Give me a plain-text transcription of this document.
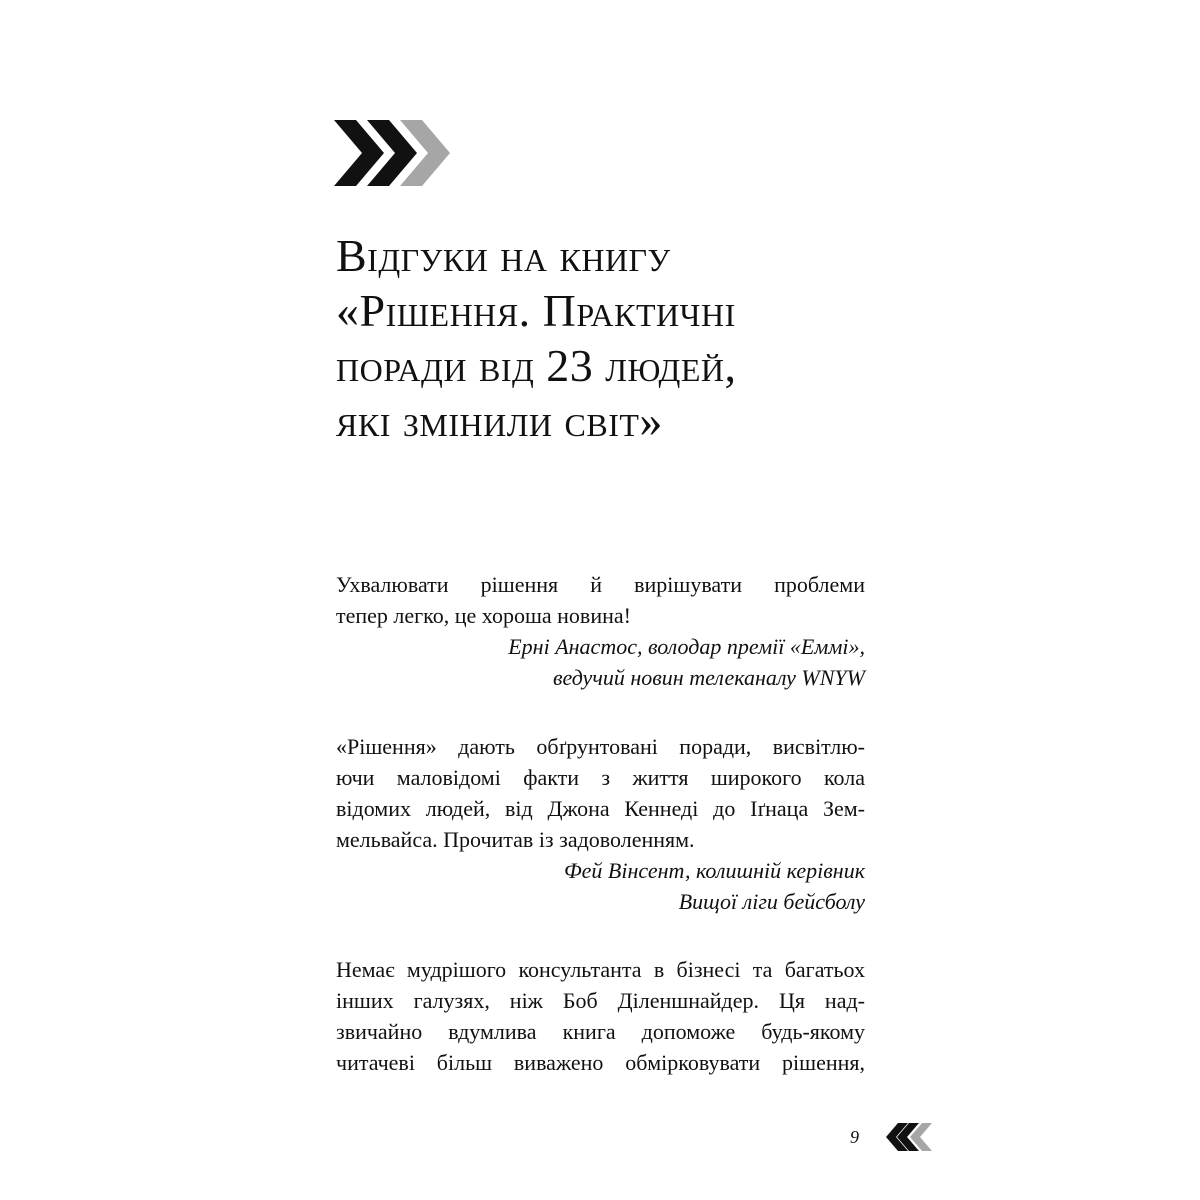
Відгуки на книгу
«Рішення. Практичні
поради від 23 людей,
які змінили світ»
Ухвалювати рішення й вирішувати проблеми
тепер легко, це хороша новина!
Ерні Анастос, володар премії «Еммі»,
ведучий новин телеканалу WNYW
«Рішення» дають обґрунтовані поради, висвітлю-
ючи маловідомі факти з життя широкого кола
відомих людей, від Джона Кеннеді до Іґнаца Зем-
мельвайса. Прочитав із задоволенням.
Фей Вінсент, колишній керівник
Вищої ліги бейсболу
Немає мудрішого консультанта в бізнесі та багатьох
інших галузях, ніж Боб Діленшнайдер. Ця над-
звичайно вдумлива книга допоможе будь-якому
читачеві більш виважено обмірковувати рішення,
9
